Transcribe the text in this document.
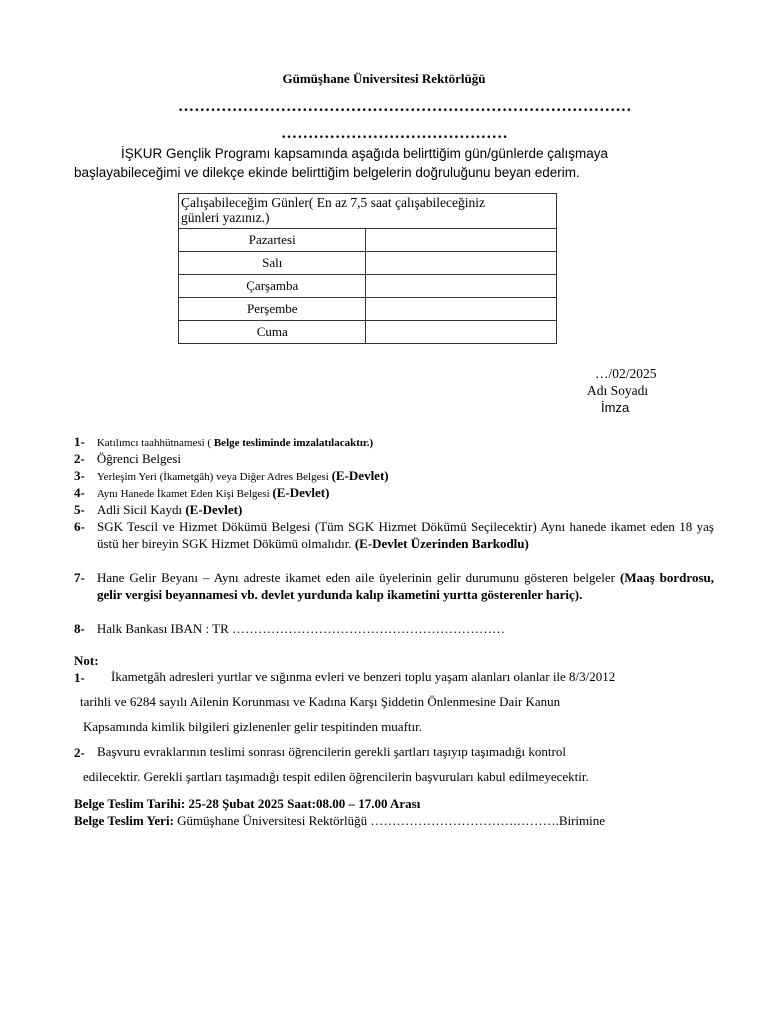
Gümüşhane Üniversitesi Rektörlüğü
…………………………………………………………………………
……………………………………
İŞKUR Gençlik Programı kapsamında aşağıda belirttiğim gün/günlerde çalışmaya
başlayabileceğimi ve dilekçe ekinde belirttiğim belgelerin doğruluğunu beyan ederim.
Çalışabileceğim Günler( En az 7,5 saat çalışabileceğiniz
günleri yazınız.)	
Pazartesi	
Salı	
Çarşamba	
Perşembe	
Cuma	
…/02/2025
Adı Soyadı
İmza
1- Katılımcı taahhütnamesi ( Belge tesliminde imzalatılacaktır.)
2- Öğrenci Belgesi
3- Yerleşim Yeri (İkametgâh) veya Diğer Adres Belgesi (E-Devlet)
4- Aynı Hanede İkamet Eden Kişi Belgesi (E-Devlet)
5- Adli Sicil Kaydı (E-Devlet)
6- SGK Tescil ve Hizmet Dökümü Belgesi (Tüm SGK Hizmet Dökümü Seçilecektir) Aynı hanede ikamet eden 18 yaş üstü her bireyin SGK Hizmet Dökümü olmalıdır. (E-Devlet Üzerinden Barkodlu)
7- Hane Gelir Beyanı – Aynı adreste ikamet eden aile üyelerinin gelir durumunu gösteren belgeler (Maaş bordrosu, gelir vergisi beyannamesi vb. devlet yurdunda kalıp ikametini yurtta gösterenler hariç).
8- Halk Bankası IBAN : TR ………………………………………………………
Not:
1- İkametgâh adresleri yurtlar ve sığınma evleri ve benzeri toplu yaşam alanları olanlar ile 8/3/2012
tarihli ve 6284 sayılı Ailenin Korunması ve Kadına Karşı Şiddetin Önlenmesine Dair Kanun
Kapsamında kimlik bilgileri gizlenenler gelir tespitinden muaftır.
2- Başvuru evraklarının teslimi sonrası öğrencilerin gerekli şartları taşıyıp taşımadığı kontrol
edilecektir. Gerekli şartları taşımadığı tespit edilen öğrencilerin başvuruları kabul edilmeyecektir.
Belge Teslim Tarihi: 25-28 Şubat 2025 Saat:08.00 – 17.00 Arası
Belge Teslim Yeri: Gümüşhane Üniversitesi Rektörlüğü …………………………….……….Birimine
